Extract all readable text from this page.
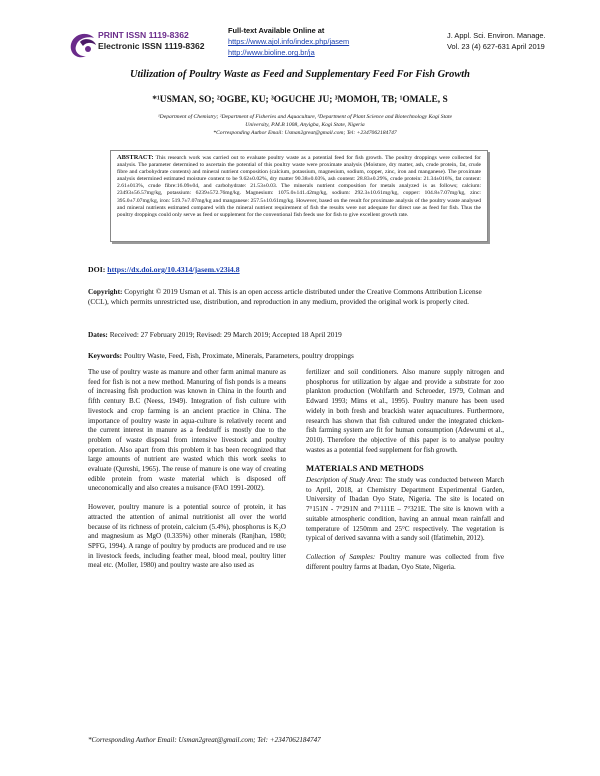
PRINT ISSN 1119-8362
Electronic ISSN 1119-8362
Full-text Available Online at
https://www.ajol.info/index.php/jasem
http://www.bioline.org.br/ja
J. Appl. Sci. Environ. Manage.
Vol. 23 (4) 627-631 April 2019
Utilization of Poultry Waste as Feed and Supplementary Feed For Fish Growth
*¹USMAN, SO; ²OGBE, KU; ³OGUCHE JU; ³MOMOH, TB; ¹OMALE, S
¹Department of Chemistry; ²Department of Fisheries and Aquaculture, ³Department of Plant Science and Biotechnology Kogi State
University, P.M.B 1008, Anyigba, Kogi State, Nigeria
*Corresponding Author Email: Usman2great@gmail.com; Tel: +2347062184747
ABSTRACT: This research work was carried out to evaluate poultry waste as a potential feed for fish growth. The poultry droppings were collected for analysis. The parameter determined to ascertain the potential of this poultry waste were proximate analysis (Moisture, dry matter, ash, crude protein, fat, crude fibre and carbohydrate contents) and mineral nutrient composition (calcium, potassium, magnesium, sodium, copper, zinc, iron and manganese). The proximate analysis determined estimated moisture content to be 9.62±0.02%, dry matter 90.38±0.03%, ash content: 28.83±0.29%, crude protein: 21.34±016%, fat content: 2.61±013%, crude fibre:16.09±04, and carbohydrate: 21.53±0.03. The minerals nutrient composition for metals analyzed is as follows; calcium: 23493±56.57mg/kg, potassium: 6239±572.76mg/kg. Magnesium: 1075.0±141.42mg/kg, sodium: 292.3±10.61mg/kg, copper: 104.8±7.07mg/kg, zinc: 395.0±7.07mg/kg, iron: 519.7±7.07mg/kg and manganese: 257.5±10.61mg/kg. However, based on the result for proximate analysis of the poultry waste analysed and mineral nutrients estimated compared with the mineral nutrient requirement of fish the results were not adequate for direct use as feed for fish. Thus the poultry droppings could only serve as feed or supplement for the conventional fish feeds use for fish to give excellent growth rate.
DOI: https://dx.doi.org/10.4314/jasem.v23i4.8
Copyright: Copyright © 2019 Usman et al. This is an open access article distributed under the Creative Commons Attribution License (CCL), which permits unrestricted use, distribution, and reproduction in any medium, provided the original work is properly cited.
Dates: Received: 27 February 2019; Revised: 29 March 2019; Accepted 18 April 2019
Keywords: Poultry Waste, Feed, Fish, Proximate, Minerals, Parameters, poultry droppings

The use of poultry waste as manure and other farm animal manure as feed for fish is not a new method. Manuring of fish ponds is a means of increasing fish production was known in China in the fourth and fifth century B.C (Neess, 1949). Integration of fish culture with livestock and crop farming is an ancient practice in China. The importance of poultry waste in aqua-culture is relatively recent and the current interest in manure as a feedstuff is mostly due to the problem of waste disposal from intensive livestock and poultry operation. Also apart from this problem it has been recognized that large amounts of nutrient are wasted which this work seeks to evaluate (Qureshi, 1965). The reuse of manure is one way of creating edible protein from waste material which is disposed off uneconomically and also creates a nuisance (FAO 1991-2002).

However, poultry manure is a potential source of protein, it has attracted the attention of animal nutritionist all over the world because of its richness of protein, calcium (5.4%), phosphorus is K₂O and magnesium as MgO (0.335%) other minerals (Ranjhan, 1980; SPFG, 1994). A range of poultry by products are produced and re use in livestock feeds, including feather meal, blood meal, poultry litter meal etc. (Moller, 1980) and poultry waste are also used as

fertilizer and soil conditioners. Also manure supply nitrogen and phosphorus for utilization by algae and provide a substrate for zoo plankton production (Wohlfarth and Schroeder, 1979, Colman and Edward 1993; Mims et al., 1995). Poultry manure has been used widely in both fresh and brackish water aquacultures. Furthermore, research has shown that fish cultured under the integrated chicken-fish farming system are fit for human consumption (Adewumi et al., 2010). Therefore the objective of this paper is to analyse poultry wastes as a potential feed supplement for fish growth.

MATERIALS AND METHODS

Description of Study Area: The study was conducted between March to April, 2018, at Chemistry Department Experimental Garden, University of Ibadan Oyo State, Nigeria. The site is located on 7°151N - 7°291N and 7°111E – 7°321E. The site is known with a suitable atmospheric condition, having an annual mean rainfall and temperature of 1250mm and 25°C respectively. The vegetation is typical of derived savanna with a sandy soil (Ifatimehin, 2012).

Collection of Samples: Poultry manure was collected from five different poultry farms at Ibadan, Oyo State, Nigeria.

*Corresponding Author Email: Usman2great@gmail.com; Tel: +2347062184747
